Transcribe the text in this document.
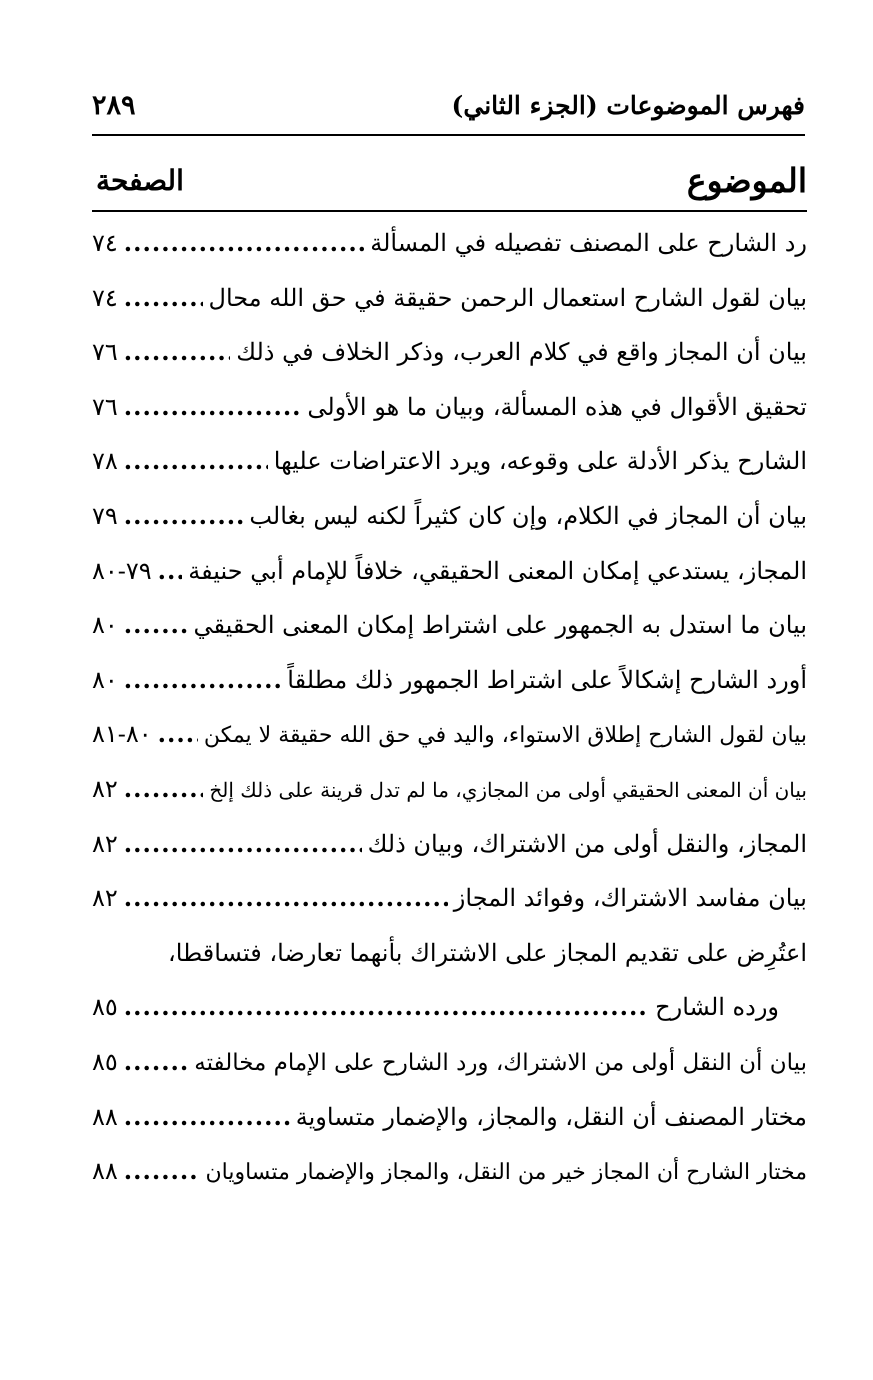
فهرس الموضوعات (الجزء الثاني)
٢٨٩
الموضوع
الصفحة
رد الشارح على المصنف تفصيله في المسألة
.....
٧٤
بيان لقول الشارح استعمال الرحمن حقيقة في حق الله محال
.....
٧٤
بيان أن المجاز واقع في كلام العرب، وذكر الخلاف في ذلك
.....
٧٦
تحقيق الأقوال في هذه المسألة، وبيان ما هو الأولى
.....
٧٦
الشارح يذكر الأدلة على وقوعه، ويرد الاعتراضات عليها
.....
٧٨
بيان أن المجاز في الكلام، وإن كان كثيراً لكنه ليس بغالب
.....
٧٩
المجاز، يستدعي إمكان المعنى الحقيقي، خلافاً للإمام أبي حنيفة
.....
٧٩-٨٠
بيان ما استدل به الجمهور على اشتراط إمكان المعنى الحقيقي
.....
٨٠
أورد الشارح إشكالاً على اشتراط الجمهور ذلك مطلقاً
.....
٨٠
بيان لقول الشارح إطلاق الاستواء، واليد في حق الله حقيقة لا يمكن
.....
٨٠-٨١
بيان أن المعنى الحقيقي أولى من المجازي، ما لم تدل قرينة على ذلك إلخ
.....
٨٢
المجاز، والنقل أولى من الاشتراك، وبيان ذلك
.....
٨٢
بيان مفاسد الاشتراك، وفوائد المجاز
.....
٨٢
اعتُرِض على تقديم المجاز على الاشتراك بأنهما تعارضا، فتساقطا،
ورده الشارح
.....
٨٥
بيان أن النقل أولى من الاشتراك، ورد الشارح على الإمام مخالفته
.....
٨٥
مختار المصنف أن النقل، والمجاز، والإضمار متساوية
.....
٨٨
مختار الشارح أن المجاز خير من النقل، والمجاز والإضمار متساويان
.....
٨٨
